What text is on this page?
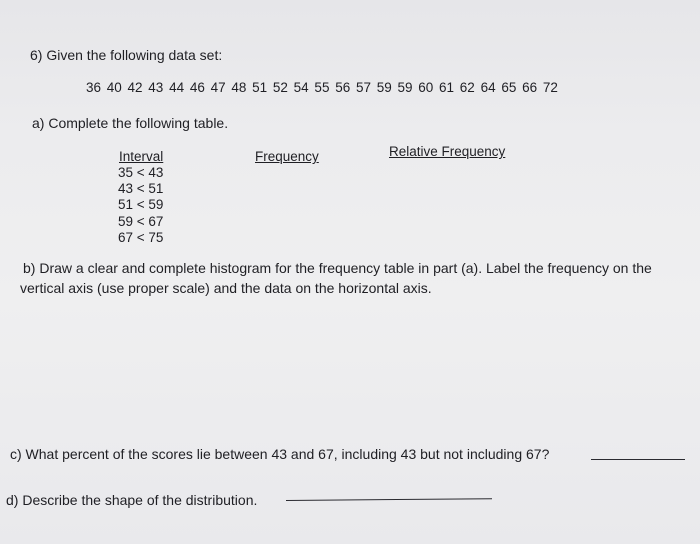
6) Given the following data set:
36 40 42 43 44 46 47 48 51 52 54 55 56 57 59 59 60 61 62 64 65 66 72
a) Complete the following table.
Interval	Frequency	Relative Frequency
35 < 43
43 < 51
51 < 59
59 < 67
67 < 75
b) Draw a clear and complete histogram for the frequency table in part (a). Label the frequency on the
vertical axis (use proper scale) and the data on the horizontal axis.
c) What percent of the scores lie between 43 and 67, including 43 but not including 67?
d) Describe the shape of the distribution.
